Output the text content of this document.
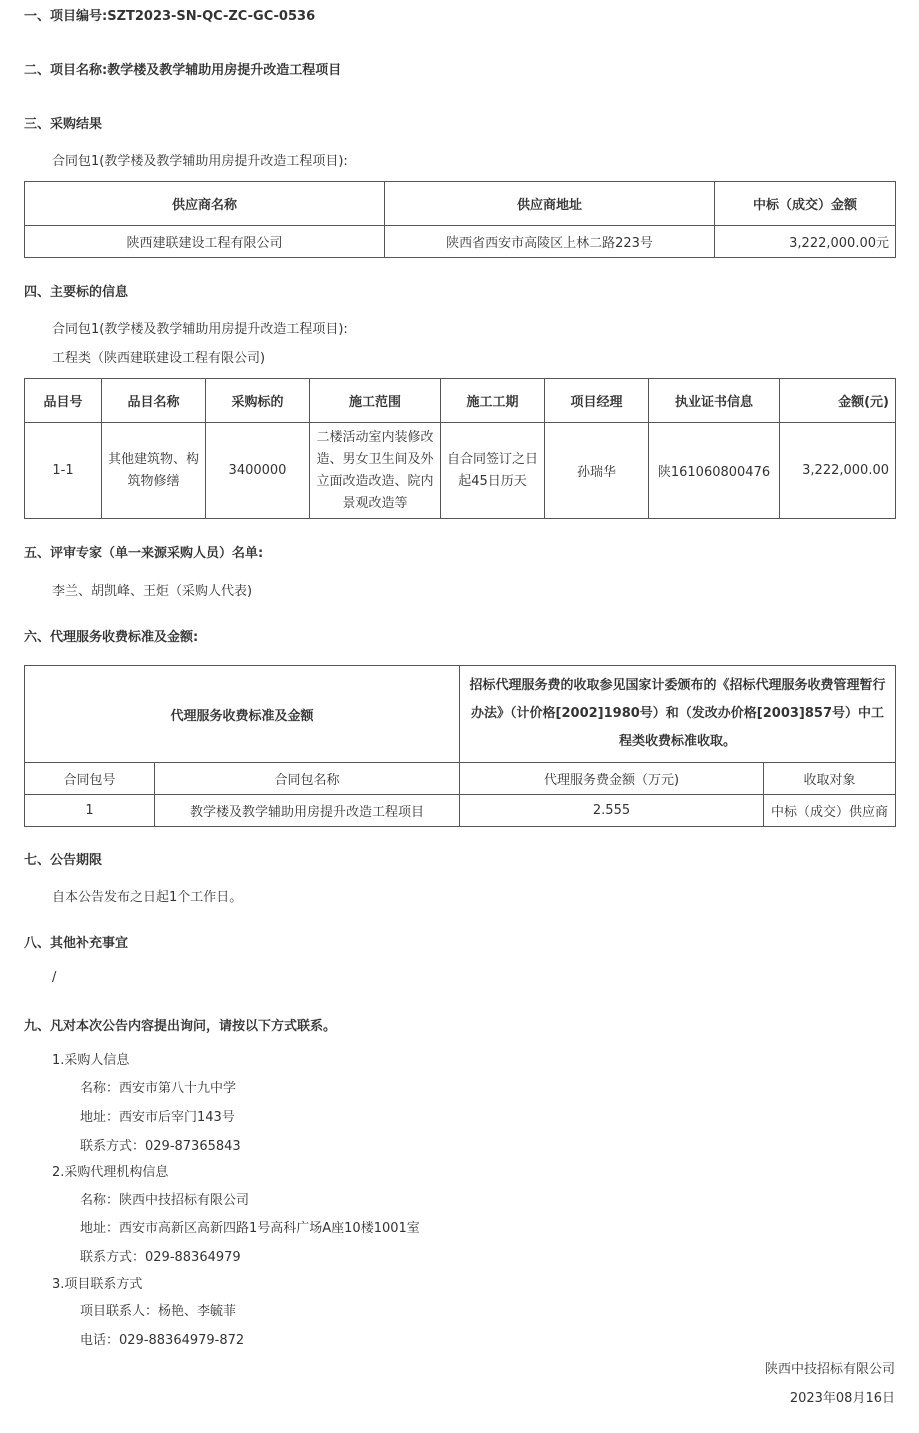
一、项目编号:SZT2023-SN-QC-ZC-GC-0536
二、项目名称:教学楼及教学辅助用房提升改造工程项目
三、采购结果
合同包1(教学楼及教学辅助用房提升改造工程项目):
供应商名称	供应商地址	中标（成交）金额
陕西建联建设工程有限公司	陕西省西安市高陵区上林二路223号	3,222,000.00元
四、主要标的信息
合同包1(教学楼及教学辅助用房提升改造工程项目):
工程类（陕西建联建设工程有限公司)
品目号	品目名称	采购标的	施工范围	施工工期	项目经理	执业证书信息	金额(元)
1-1	其他建筑物、构筑物修缮	3400000	二楼活动室内装修改造、男女卫生间及外立面改造改造、院内景观改造等	自合同签订之日起45日历天	孙瑞华	陕161060800476	3,222,000.00
五、评审专家（单一来源采购人员）名单:
李兰、胡凯峰、王炬（采购人代表)
六、代理服务收费标准及金额:
代理服务收费标准及金额		招标代理服务费的收取参见国家计委颁布的《招标代理服务收费管理暂行办法》（计价格[2002]1980号）和（发改办价格[2003]857号）中工程类收费标准收取。	
合同包号	合同包名称	代理服务费金额（万元)	收取对象
1	教学楼及教学辅助用房提升改造工程项目	2.555	中标（成交）供应商
七、公告期限
自本公告发布之日起1个工作日。
八、其他补充事宜
/
九、凡对本次公告内容提出询问，请按以下方式联系。
1.采购人信息
名称：西安市第八十九中学
地址：西安市后宰门143号
联系方式：029-87365843
2.采购代理机构信息
名称：陕西中技招标有限公司
地址：西安市高新区高新四路1号高科广场A座10楼1001室
联系方式：029-88364979
3.项目联系方式
项目联系人：杨艳、李毓菲
电话：029-88364979-872
陕西中技招标有限公司
2023年08月16日
